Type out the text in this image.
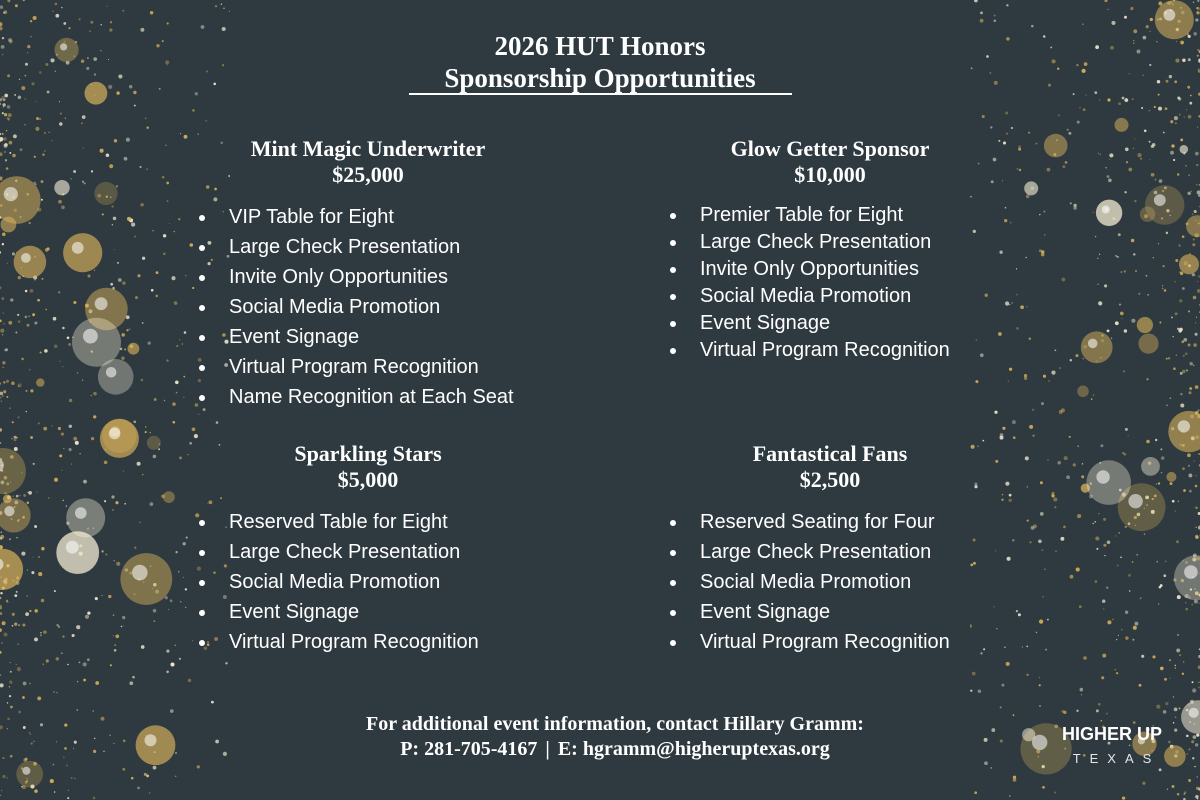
2026 HUT Honors
Sponsorship Opportunities
Mint Magic Underwriter
$25,000
VIP Table for Eight
Large Check Presentation
Invite Only Opportunities
Social Media Promotion
Event Signage
Virtual Program Recognition
Name Recognition at Each Seat
Glow Getter Sponsor
$10,000
Premier Table for Eight
Large Check Presentation
Invite Only Opportunities
Social Media Promotion
Event Signage
Virtual Program Recognition
Sparkling Stars
$5,000
Reserved Table for Eight
Large Check Presentation
Social Media Promotion
Event Signage
Virtual Program Recognition
Fantastical Fans
$2,500
Reserved Seating for Four
Large Check Presentation
Social Media Promotion
Event Signage
Virtual Program Recognition
For additional event information, contact Hillary Gramm:
P: 281-705-4167 | E: hgramm@higheruptexas.org
HIGHER UP
TEXAS
